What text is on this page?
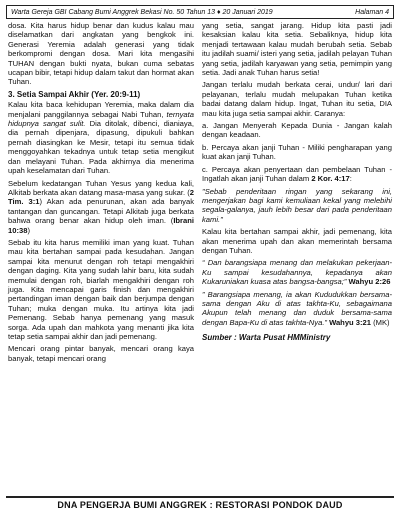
Warta Gereja GBI Cabang Bumi Anggrek Bekasi No. 50 Tahun 13 ♦ 20 Januari 2019	Halaman 4

dosa. Kita harus hidup benar dan kudus kalau mau diselamatkan dari angkatan yang bengkok ini. Generasi Yeremia adalah generasi yang tidak berkompromi dengan dosa. Mari kita mengasihi TUHAN dengan bukti nyata, bukan cuma sebatas ucapan bibir, tetapi hidup dalam takut dan hormat akan Tuhan.

3. Setia Sampai Akhir (Yer. 20:9-11)

Kalau kita baca kehidupan Yeremia, maka dalam dia menjalani panggilannya sebagai Nabi Tuhan, ternyata hidupnya sangat sulit. Dia ditolak, dibenci, dianiaya, dia pernah dipenjara, dipasung, dipukuli bahkan pernah diasingkan ke Mesir, tetapi itu semua tidak menggoyahkan tekadnya untuk tetap setia mengikut dan melayani Tuhan. Pada akhirnya dia menerima upah keselamatan dari Tuhan.

Sebelum kedatangan Tuhan Yesus yang kedua kali, Alkitab berkata akan datang masa-masa yang sukar. (2 Tim. 3:1) Akan ada penurunan, akan ada banyak tantangan dan guncangan. Tetapi Alkitab juga berkata bahwa orang benar akan hidup oleh iman. (Ibrani 10:38)

Sebab itu kita harus memiliki iman yang kuat. Tuhan mau kita bertahan sampai pada kesudahan. Jangan sampai kita menurut dengan roh tetapi mengakhiri dengan daging. Kita yang sudah lahir baru, kita sudah memulai dengan roh, biarlah mengakhiri dengan roh juga. Kita mencapai garis finish dan mengakhiri pertandingan iman dengan baik dan berjumpa dengan Tuhan; muka dengan muka. Itu artinya kita jadi Pemenang. Sebab hanya pemenang yang masuk sorga. Ada upah dan mahkota yang menanti jika kita tetap setia sampai akhir dan jadi pemenang.

Mencari orang pintar banyak, mencari orang kaya banyak, tetapi mencari orang

yang setia, sangat jarang. Hidup kita pasti jadi kesaksian kalau kita setia. Sebaliknya, hidup kita menjadi tertawaan kalau mudah berubah setia. Sebab itu jadilah suami/ isteri yang setia, jadilah pelayan Tuhan yang setia, jadilah karyawan yang setia, pemimpin yang setia. Jadi anak Tuhan harus setia!

Jangan terlalu mudah berkata cerai, undur/ lari dari pelayanan, terlalu mudah melupakan Tuhan ketika badai datang dalam hidup. Ingat, Tuhan itu setia, DIA mau kita juga setia sampai akhir. Caranya:

a. Jangan Menyerah Kepada Dunia - Jangan kalah dengan keadaan.

b. Percaya akan janji Tuhan - Miliki pengharapan yang kuat akan janji Tuhan.

c. Percaya akan penyertaan dan pembelaan Tuhan - Ingatlah akan janji Tuhan dalam 2 Kor. 4:17:

"Sebab penderitaan ringan yang sekarang ini, mengerjakan bagi kami kemuliaan kekal yang melebihi segala-galanya, jauh lebih besar dari pada penderitaan kami."

Kalau kita bertahan sampai akhir, jadi pemenang, kita akan menerima upah dan akan memerintah bersama dengan Tuhan.

“ Dan barangsiapa menang dan melakukan pekerjaan-Ku sampai kesudahannya, kepadanya akan Kukaruniakan kuasa atas bangsa-bangsa;” Wahyu 2:26

” Barangsiapa menang, ia akan Kududukkan bersama-sama dengan Aku di atas takhta-Ku, sebagaimana Akupun telah menang dan duduk bersama-sama dengan Bapa-Ku di atas takhta-Nya.” Wahyu 3:21 (MK)

Sumber : Warta Pusat HMMinistry
DNA PENGERJA BUMI ANGGREK : RESTORASI PONDOK DAUD
